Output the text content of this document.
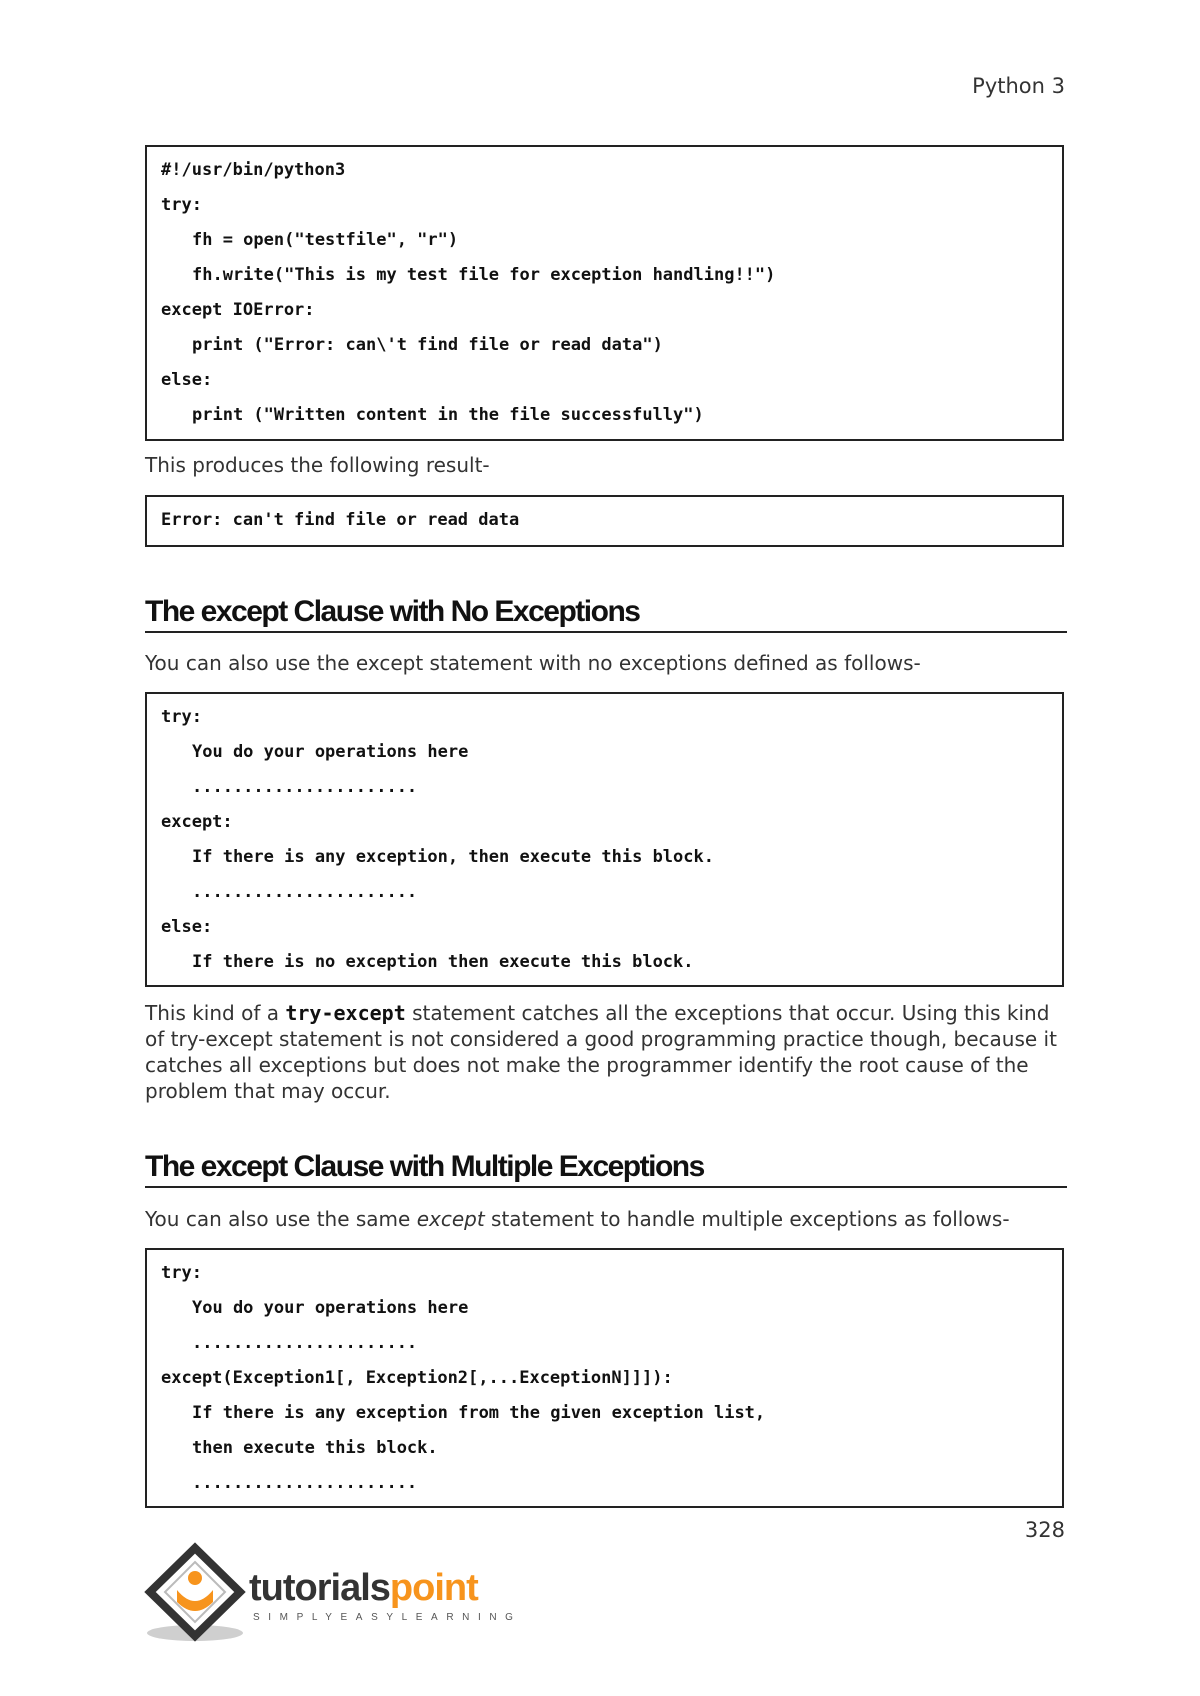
Python 3
#!/usr/bin/python3
try:
fh = open("testfile", "r")
fh.write("This is my test file for exception handling!!")
except IOError:
print ("Error: can\'t find file or read data")
else:
print ("Written content in the file successfully")
This produces the following result-
Error: can't find file or read data
The except Clause with No Exceptions
You can also use the except statement with no exceptions defined as follows-
try:
You do your operations here
......................
except:
If there is any exception, then execute this block.
......................
else:
If there is no exception then execute this block.
This kind of a try-except statement catches all the exceptions that occur. Using this kind of try-except statement is not considered a good programming practice though, because it catches all exceptions but does not make the programmer identify the root cause of the problem that may occur.
The except Clause with Multiple Exceptions
You can also use the same except statement to handle multiple exceptions as follows-
try:
You do your operations here
......................
except(Exception1[, Exception2[,...ExceptionN]]]):
If there is any exception from the given exception list,
then execute this block.
......................
328
tutorialspoint
SIMPLYEASYLEARNING
